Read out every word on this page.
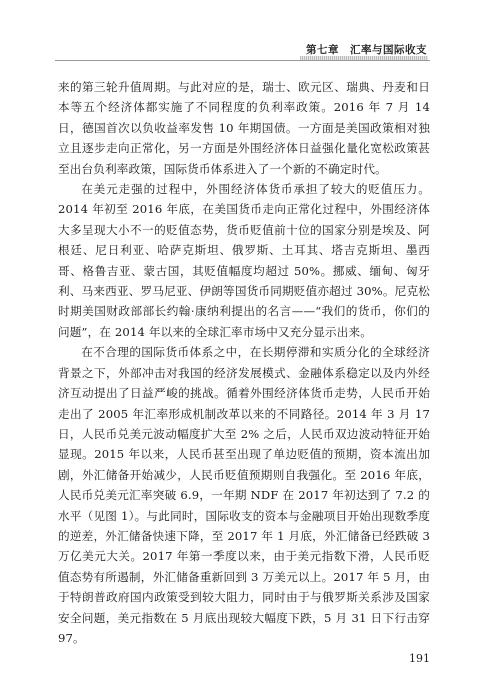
第七章　汇率与国际收支

来的第三轮升值周期。与此对应的是，瑞士、欧元区、瑞典、丹麦和日本等五个经济体都实施了不同程度的负利率政策。2016 年 7 月 14 日，德国首次以负收益率发售 10 年期国债。一方面是美国政策相对独立且逐步走向正常化，另一方面是外围经济体日益强化量化宽松政策甚至出台负利率政策，国际货币体系进入了一个新的不确定时代。

在美元走强的过程中，外围经济体货币承担了较大的贬值压力。2014 年初至 2016 年底，在美国货币走向正常化过程中，外围经济体大多呈现大小不一的贬值态势，货币贬值前十位的国家分别是埃及、阿根廷、尼日利亚、哈萨克斯坦、俄罗斯、土耳其、塔吉克斯坦、墨西哥、格鲁吉亚、蒙古国，其贬值幅度均超过 50%。挪威、缅甸、匈牙利、马来西亚、罗马尼亚、伊朗等国货币同期贬值亦超过 30%。尼克松时期美国财政部部长约翰·康纳利提出的名言——“我们的货币，你们的问题”，在 2014 年以来的全球汇率市场中又充分显示出来。

在不合理的国际货币体系之中，在长期停滞和实质分化的全球经济背景之下，外部冲击对我国的经济发展模式、金融体系稳定以及内外经济互动提出了日益严峻的挑战。循着外围经济体货币走势，人民币开始走出了 2005 年汇率形成机制改革以来的不同路径。2014 年 3 月 17 日，人民币兑美元波动幅度扩大至 2% 之后，人民币双边波动特征开始显现。2015 年以来，人民币甚至出现了单边贬值的预期，资本流出加剧，外汇储备开始减少，人民币贬值预期则自我强化。至 2016 年底，人民币兑美元汇率突破 6.9，一年期 NDF 在 2017 年初达到了 7.2 的水平（见图 1）。与此同时，国际收支的资本与金融项目开始出现数季度的逆差，外汇储备快速下降，至 2017 年 1 月底，外汇储备已经跌破 3 万亿美元大关。2017 年第一季度以来，由于美元指数下滑，人民币贬值态势有所遏制，外汇储备重新回到 3 万美元以上。2017 年 5 月，由于特朗普政府国内政策受到较大阻力，同时由于与俄罗斯关系涉及国家安全问题，美元指数在 5 月底出现较大幅度下跌，5 月 31 日下行击穿 97。

191
